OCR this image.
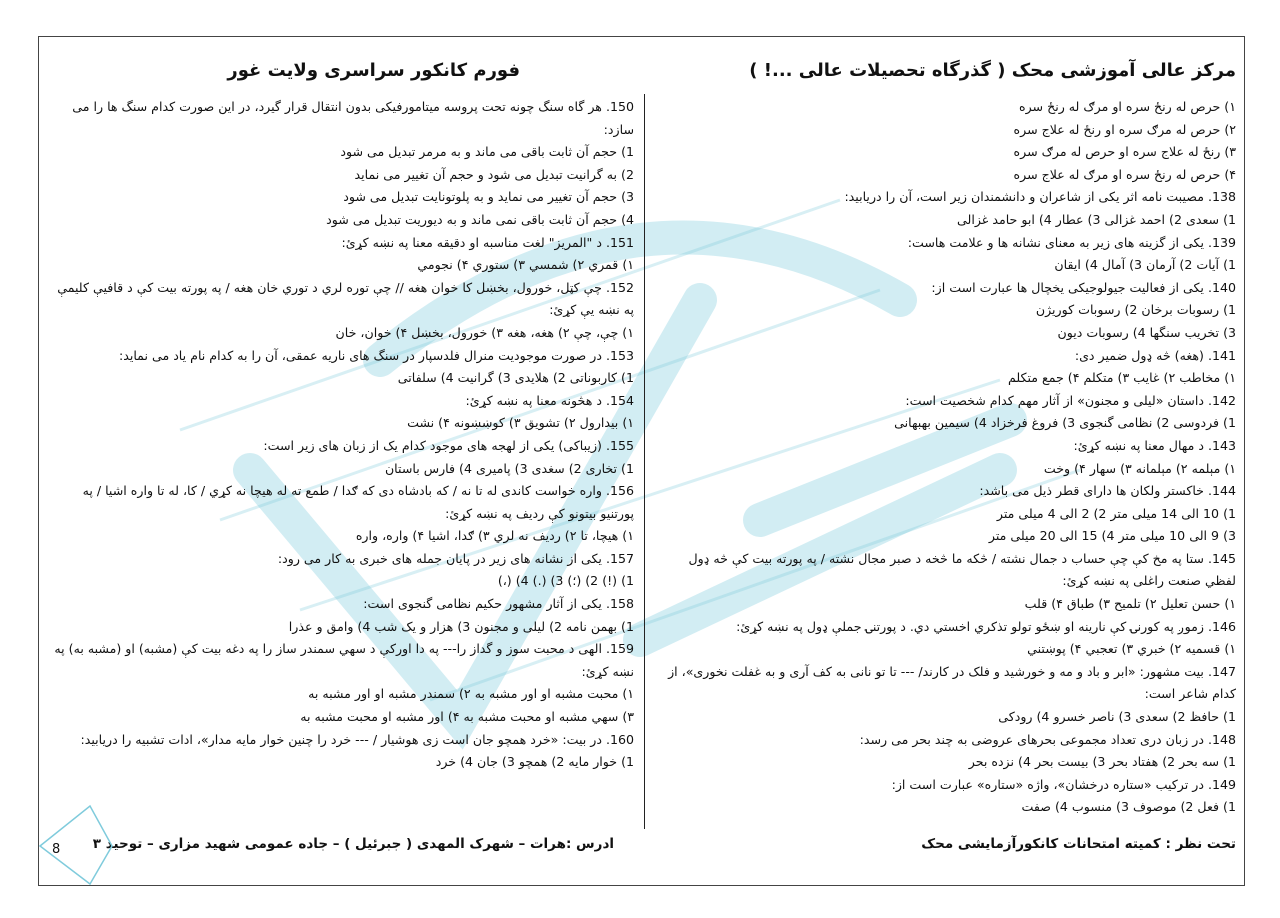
مرکز عالی آموزشی محک ( گذرگاه تحصیلات عالی ...! )
فورم کانکور سراسری ولایت غور
۱) حرص له رنځ سره او مرګ له رنځ سره
۲) حرص له مرګ سره او رنځ له علاج سره
۳) رنځ له علاج سره او حرص له مرګ سره
۴) حرص له رنځ سره او مرګ له علاج سره
138. مصیبت نامه اثر یکی از شاعران و دانشمندان زیر است، آن را دریابید:
1) سعدی 2) احمد غزالی 3) عطار 4) ابو حامد غزالی
139. یکی از گزینه های زیر به معنای نشانه ها و علامت هاست:
1) آیات 2) آرمان 3) آمال 4) ایقان
140. یکی از فعالیت جیولوجیکی یخچال ها عبارت است از:
1) رسوبات برخان 2) رسوبات کوریژن
3) تخریب سنگها 4) رسوبات دیون
141. (هغه) څه ډول ضمیر دی:
۱) مخاطب ۲) غایب ۳) متکلم ۴) جمع متکلم
142. داستان «لیلی و مجنون» از آثار مهم کدام شخصیت است:
1) فردوسی 2) نظامی گنجوی 3) فروغ فرخزاد 4) سیمین بهبهانی
143. د مهال معنا په نښه کړئ:
۱) مېلمه ۲) مېلمانه ۳) سهار ۴) وخت
144. خاکستر ولکان ها دارای قطر ذیل می باشد:
1) 10 الی 14 میلی متر 2) 2 الی 4 میلی متر
3) 9 الی 10 میلی متر 4) 15 الی 20 میلی متر
145. ستا په مخ کې چې حساب د جمال نشته / څکه ما څخه د صبر مجال نشته / په پورته بیت کې څه ډول لفظي صنعت راغلی په نښه کړئ:
۱) حسن تعلیل ۲) تلمیح ۳) طباق ۴) قلب
146. زموږ په کورنۍ کې نارینه او ښځو تولو تذکري اخستي دي. د پورتنۍ جملې ډول په نښه کړئ:
۱) قسمیه ۲) خبري ۳) تعجبي ۴) پوښتني
147. بیت مشهور: «ابر و باد و مه و خورشید و فلک در کارند/ --- تا تو نانی به کف آری و به غفلت نخوری»، از کدام شاعر است:
1) حافظ 2) سعدی 3) ناصر خسرو 4) رودکی
148. در زبان دری تعداد مجموعی بحرهای عروضی به چند بحر می رسد:
1) سه بحر 2) هفتاد بحر 3) بیست بحر 4) نزده بحر
149. در ترکیب «ستاره درخشان»، واژه «ستاره» عبارت است از:
1) فعل 2) موصوف 3) منسوب 4) صفت
150. هر گاه سنگ چونه تحت پروسه میتامورفیکی بدون انتقال قرار گیرد، در این صورت کدام سنگ ها را می سازد:
1) حجم آن ثابت باقی می ماند و به مرمر تبدیل می شود
2) به گرانیت تبدیل می شود و حجم آن تغییر می نماید
3) حجم آن تغییر می نماید و به پلوتونایت تبدیل می شود
4) حجم آن ثابت باقی نمی ماند و به دیوریت تبدیل می شود
151. د "المریز" لغت مناسبه او دقیقه معنا په نښه کړئ:
۱) قمري ۲) شمسي ۳) ستوري ۴) نجومي
152. چې کټل، خورول، بخښل کا خوان هغه // چې توره لري د توري خان هغه / په پورته بیت کې د قافیې کلیمې په نښه یې کړئ:
۱) چې، چې ۲) هغه، هغه ۳) خورول، بخښل ۴) خوان، خان
153. در صورت موجودیت منرال فلدسپار در سنگ های ناریه عمقی، آن را به کدام نام یاد می نماید:
1) کاربوناتی 2) هلایدی 3) گرانیت 4) سلفاتی
154. د هڅونه معنا په نښه کړئ:
۱) بیدارول ۲) تشویق ۳) کوښښونه ۴) نشت
155. (زیباکی) یکی از لهجه های موجود کدام یک از زبان های زیر است:
1) تخاری 2) سغدی 3) پامیری 4) فارس باستان
156. واره خواست کاندی له تا نه / که بادشاه دی که ګدا / طمع ته له هیچا نه کړي / کا، له تا واره اشیا / په پورتنیو بیتونو کې ردیف په نښه کړئ:
۱) هیچا، تا ۲) ردیف نه لري ۳) ګدا، اشیا ۴) واره، واره
157. یکی از نشانه های زیر در پایان جمله های خبری به کار می رود:
1) (!) 2) (؛) 3) (.) 4) (،)
158. یکی از آثار مشهور حکیم نظامی گنجوی است:
1) بهمن نامه 2) لیلی و مجنون 3) هزار و یک شب 4) وامق و عذرا
159. الهی د محبت سوز و گداز را--- په دا اورکې د سهي سمندر ساز را په دغه بیت کې (مشبه) او (مشبه به) په نښه کړئ:
۱) محبت مشبه او اور مشبه به ۲) سمندر مشبه او اور مشبه به
۳) سهي مشبه او محبت مشبه به ۴) اور مشبه او محبت مشبه به
160. در بیت: «خرد همچو جان است زی هوشیار / --- خرد را چنین خوار مایه مدار»، ادات تشبیه را دریابید:
1) خوار مایه 2) همچو 3) جان 4) خرد
تحت نظر : کمیته امتحانات کانکورآزمایشی محک
ادرس :هرات – شهرک المهدی ( جبرئیل ) – جاده عمومی شهید مزاری – توحید ۳
8
